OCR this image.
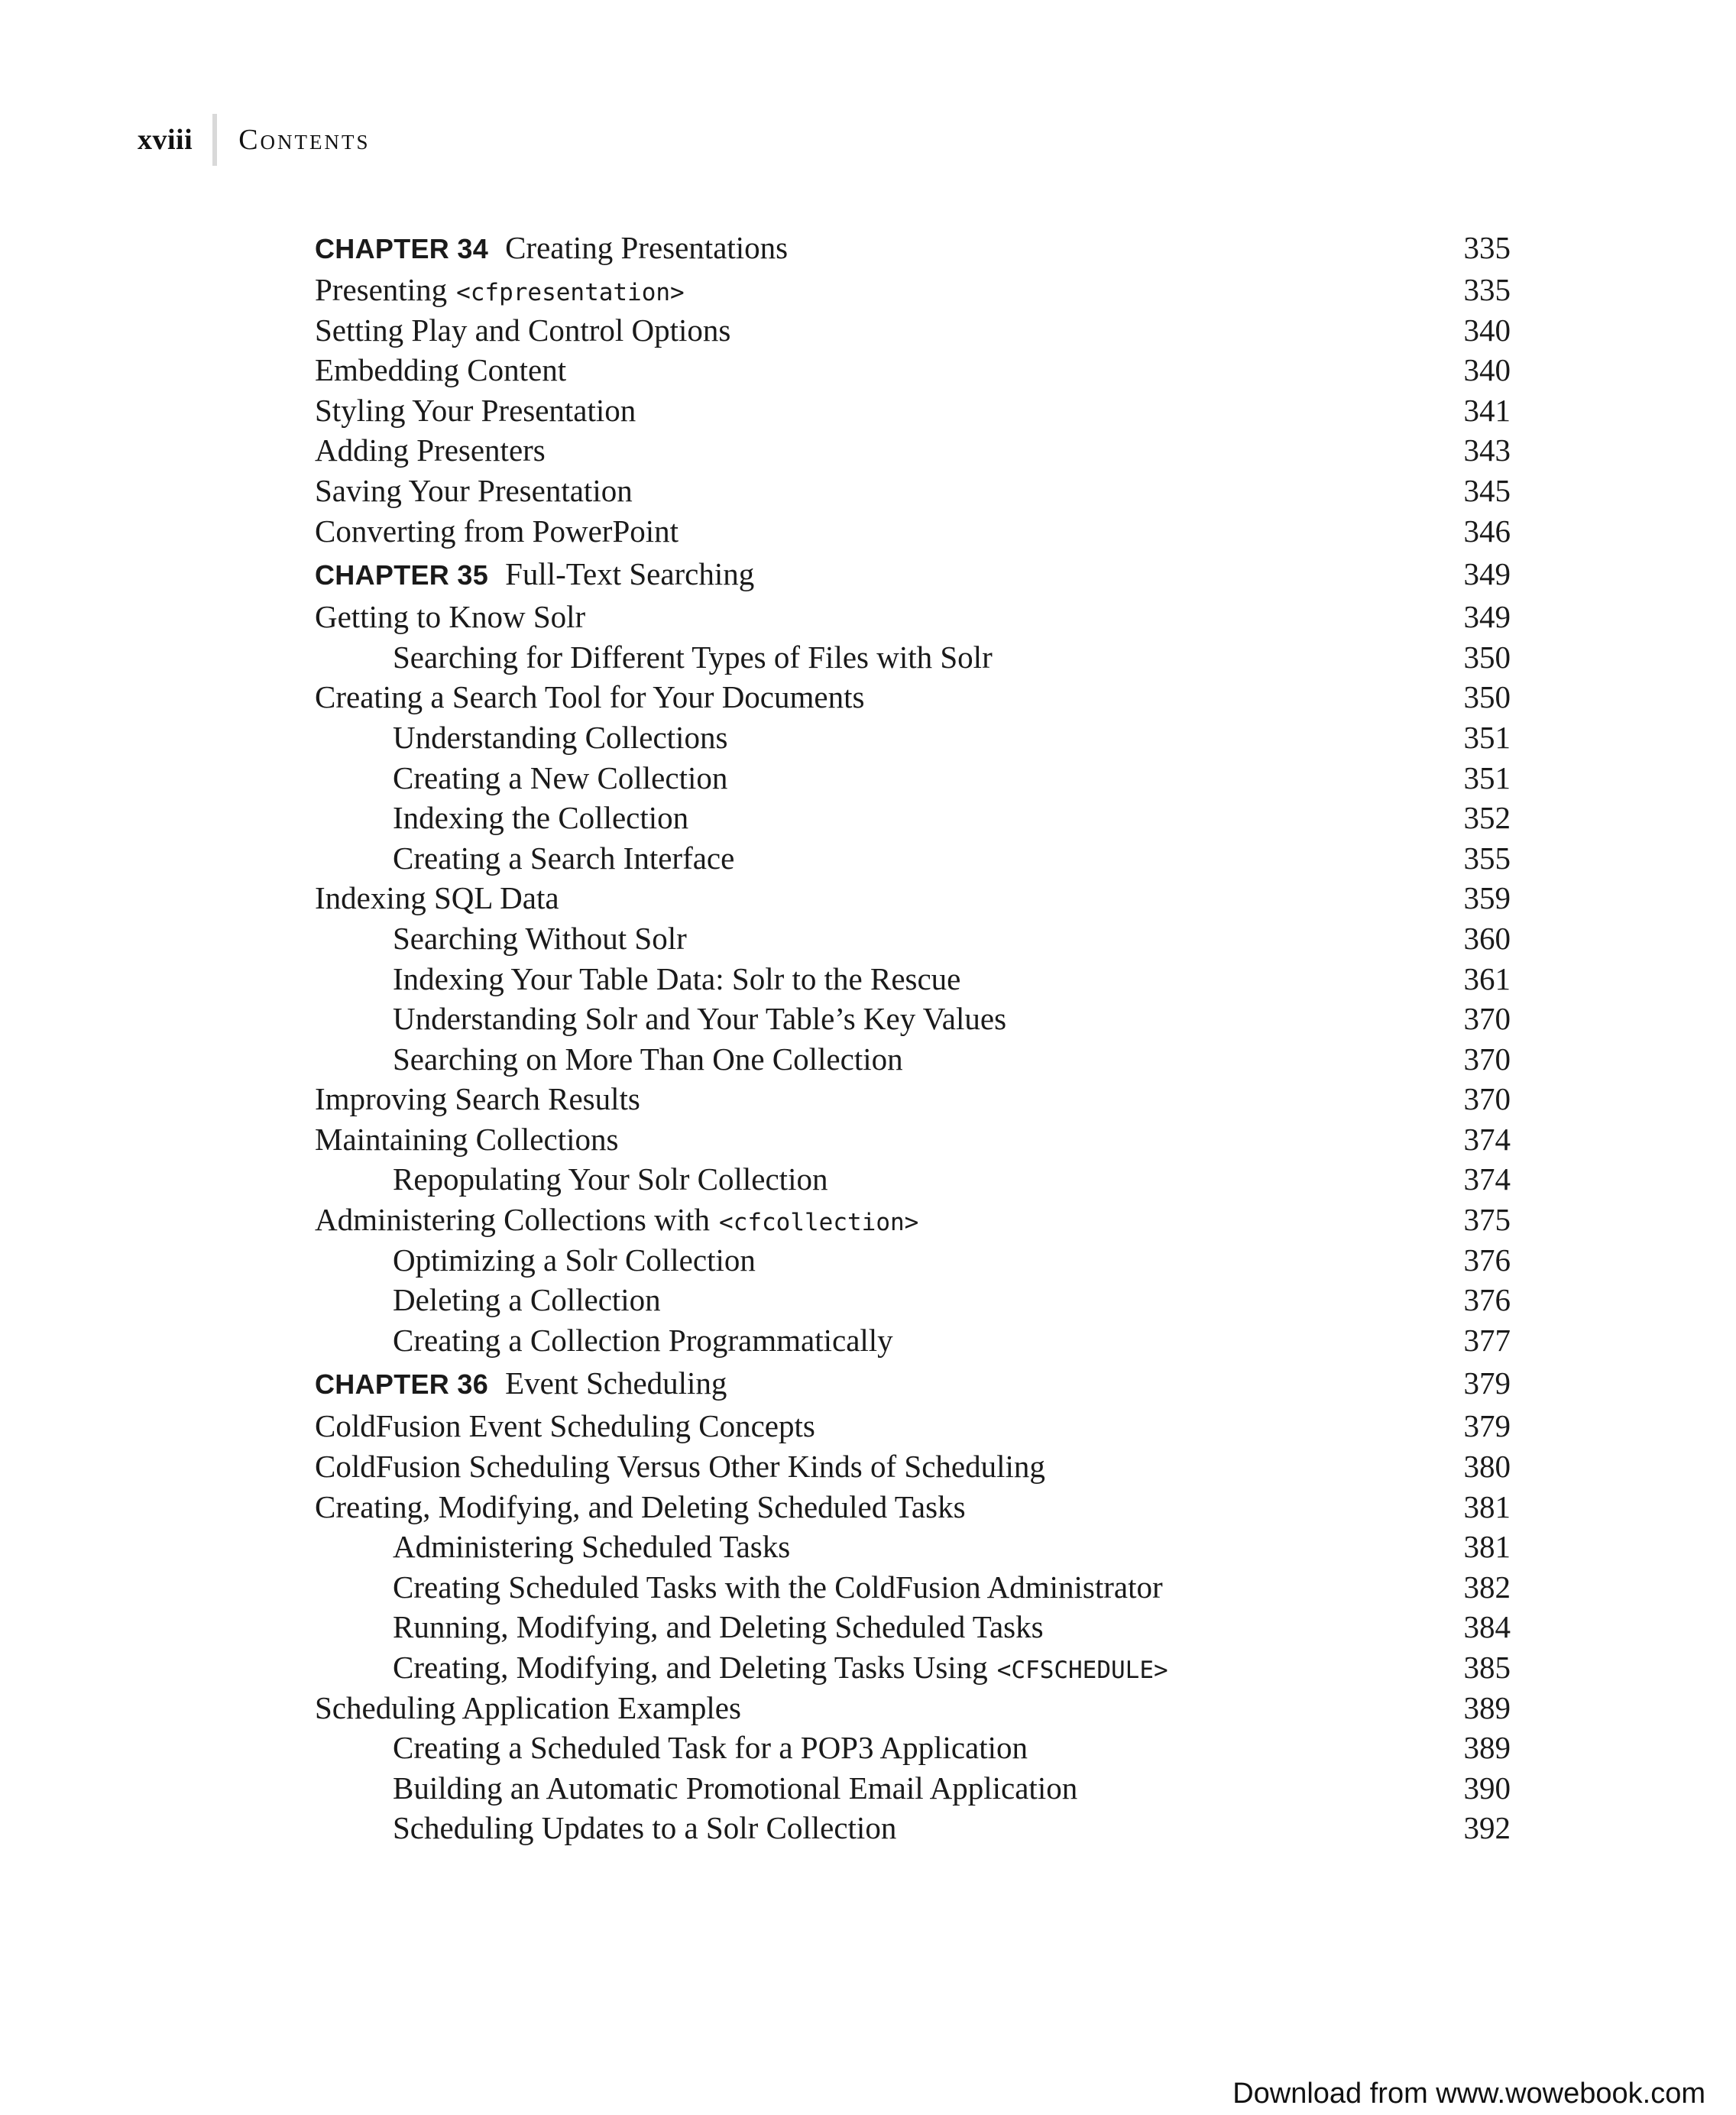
xviii Contents
CHAPTER 34 Creating Presentations	335
Presenting <cfpresentation>	335
Setting Play and Control Options	340
Embedding Content	340
Styling Your Presentation	341
Adding Presenters	343
Saving Your Presentation	345
Converting from PowerPoint	346
CHAPTER 35 Full-Text Searching	349
Getting to Know Solr	349
Searching for Different Types of Files with Solr	350
Creating a Search Tool for Your Documents	350
Understanding Collections	351
Creating a New Collection	351
Indexing the Collection	352
Creating a Search Interface	355
Indexing SQL Data	359
Searching Without Solr	360
Indexing Your Table Data: Solr to the Rescue	361
Understanding Solr and Your Table’s Key Values	370
Searching on More Than One Collection	370
Improving Search Results	370
Maintaining Collections	374
Repopulating Your Solr Collection	374
Administering Collections with <cfcollection>	375
Optimizing a Solr Collection	376
Deleting a Collection	376
Creating a Collection Programmatically	377
CHAPTER 36 Event Scheduling	379
ColdFusion Event Scheduling Concepts	379
ColdFusion Scheduling Versus Other Kinds of Scheduling	380
Creating, Modifying, and Deleting Scheduled Tasks	381
Administering Scheduled Tasks	381
Creating Scheduled Tasks with the ColdFusion Administrator	382
Running, Modifying, and Deleting Scheduled Tasks	384
Creating, Modifying, and Deleting Tasks Using <CFSCHEDULE>	385
Scheduling Application Examples	389
Creating a Scheduled Task for a POP3 Application	389
Building an Automatic Promotional Email Application	390
Scheduling Updates to a Solr Collection	392
Download from www.wowebook.com
